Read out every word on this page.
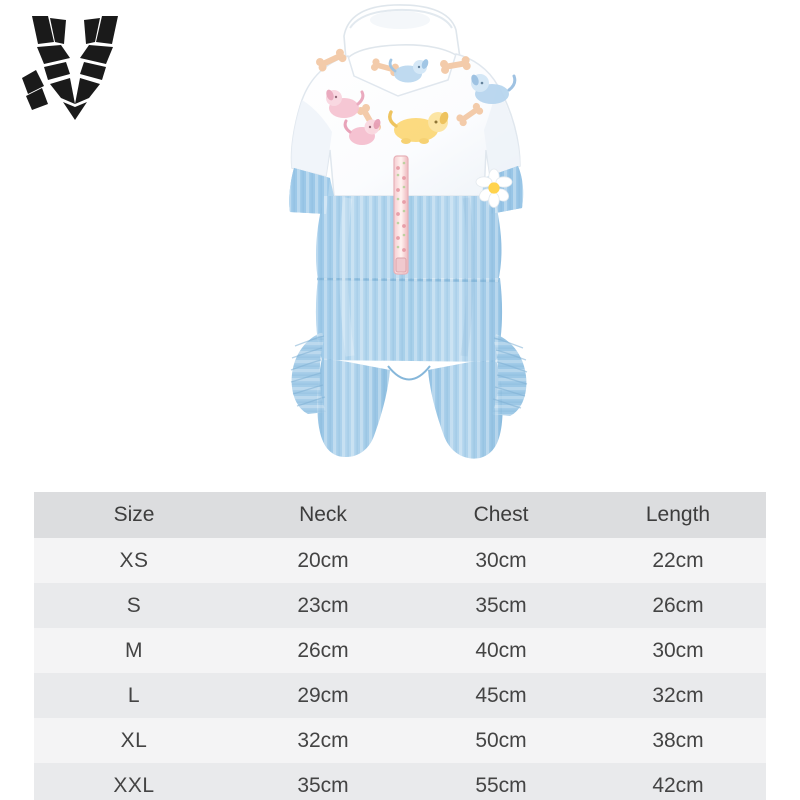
Size	Neck	Chest	Length
XS	20cm	30cm	22cm
S	23cm	35cm	26cm
M	26cm	40cm	30cm
L	29cm	45cm	32cm
XL	32cm	50cm	38cm
XXL	35cm	55cm	42cm
